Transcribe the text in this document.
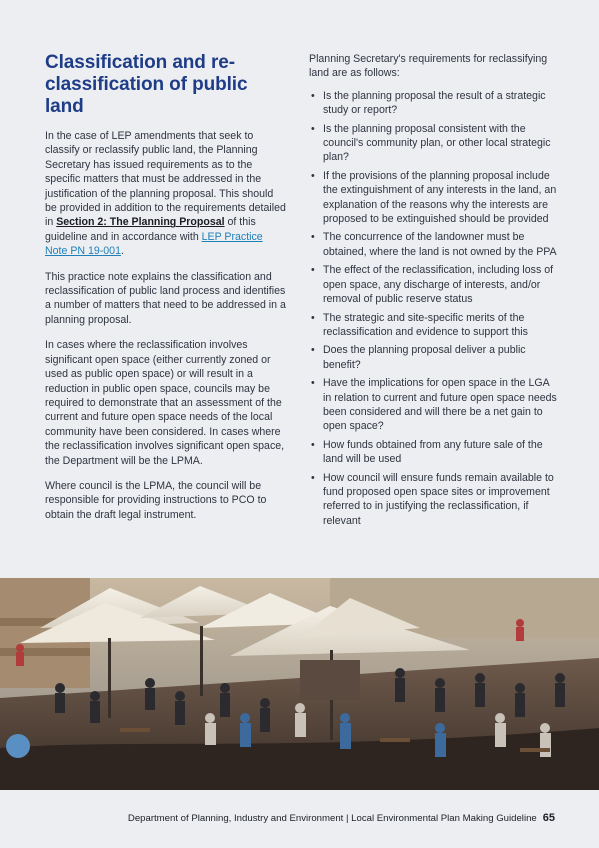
Classification and re-classification of public land

In the case of LEP amendments that seek to classify or reclassify public land, the Planning Secretary has issued requirements as to the specific matters that must be addressed in the justification of the planning proposal. This should be provided in addition to the requirements detailed in Section 2: The Planning Proposal of this guideline and in accordance with LEP Practice Note PN 19-001.

This practice note explains the classification and reclassification of public land process and identifies a number of matters that need to be addressed in a planning proposal.

In cases where the reclassification involves significant open space (either currently zoned or used as public open space) or will result in a reduction in public open space, councils may be required to demonstrate that an assessment of the current and future open space needs of the local community have been considered. In cases where the reclassification involves significant open space, the Department will be the LPMA.

Where council is the LPMA, the council will be responsible for providing instructions to PCO to obtain the draft legal instrument.

Planning Secretary's requirements for reclassifying land are as follows:

• Is the planning proposal the result of a strategic study or report?
• Is the planning proposal consistent with the council's community plan, or other local strategic plan?
• If the provisions of the planning proposal include the extinguishment of any interests in the land, an explanation of the reasons why the interests are proposed to be extinguished should be provided
• The concurrence of the landowner must be obtained, where the land is not owned by the PPA
• The effect of the reclassification, including loss of open space, any discharge of interests, and/or removal of public reserve status
• The strategic and site-specific merits of the reclassification and evidence to support this
• Does the planning proposal deliver a public benefit?
• Have the implications for open space in the LGA in relation to current and future open space needs been considered and will there be a net gain to open space?
• How funds obtained from any future sale of the land will be used
• How council will ensure funds remain available to fund proposed open space sites or improvement referred to in justifying the reclassification, if relevant
Department of Planning, Industry and Environment | Local Environmental Plan Making Guideline 65
